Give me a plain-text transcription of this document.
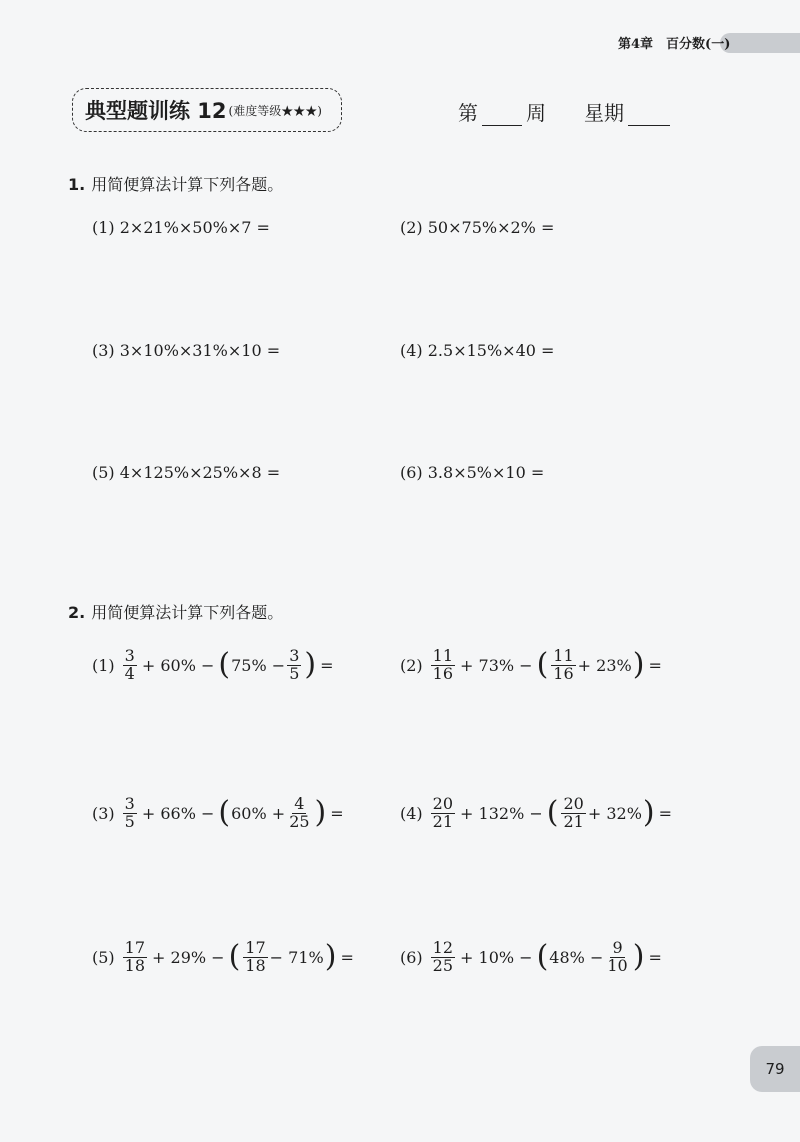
第4章　百分数(一)
典型题训练 12 (难度等级★★★)	第 周 星期
1. 用简便算法计算下列各题。
(1) 2×21%×50%×7 =	(2) 50×75%×2% =
(3) 3×10%×31%×10 =	(4) 2.5×15%×40 =
(5) 4×125%×25%×8 =	(6) 3.8×5%×10 =
2. 用简便算法计算下列各题。
$(1) \frac{3}{4} + 60\%$ − ( $75\% - \frac{3}{5}$ ) =	$(2) \frac{11}{16} + 73\%$ − ( $\frac{11}{16} + 23\%$ ) =
$(3) \frac{3}{5} + 66\%$ − ( $60\% + \frac{4}{25}$ ) =	$(4) \frac{20}{21} + 132\%$ − ( $\frac{20}{21} + 32\%$ ) =
$(5) \frac{17}{18} + 29\%$ − ( $\frac{17}{18} - 71\%$ ) =	$(6) \frac{12}{25} + 10\%$ − ( $48\% - \frac{9}{10}$ ) =
79
